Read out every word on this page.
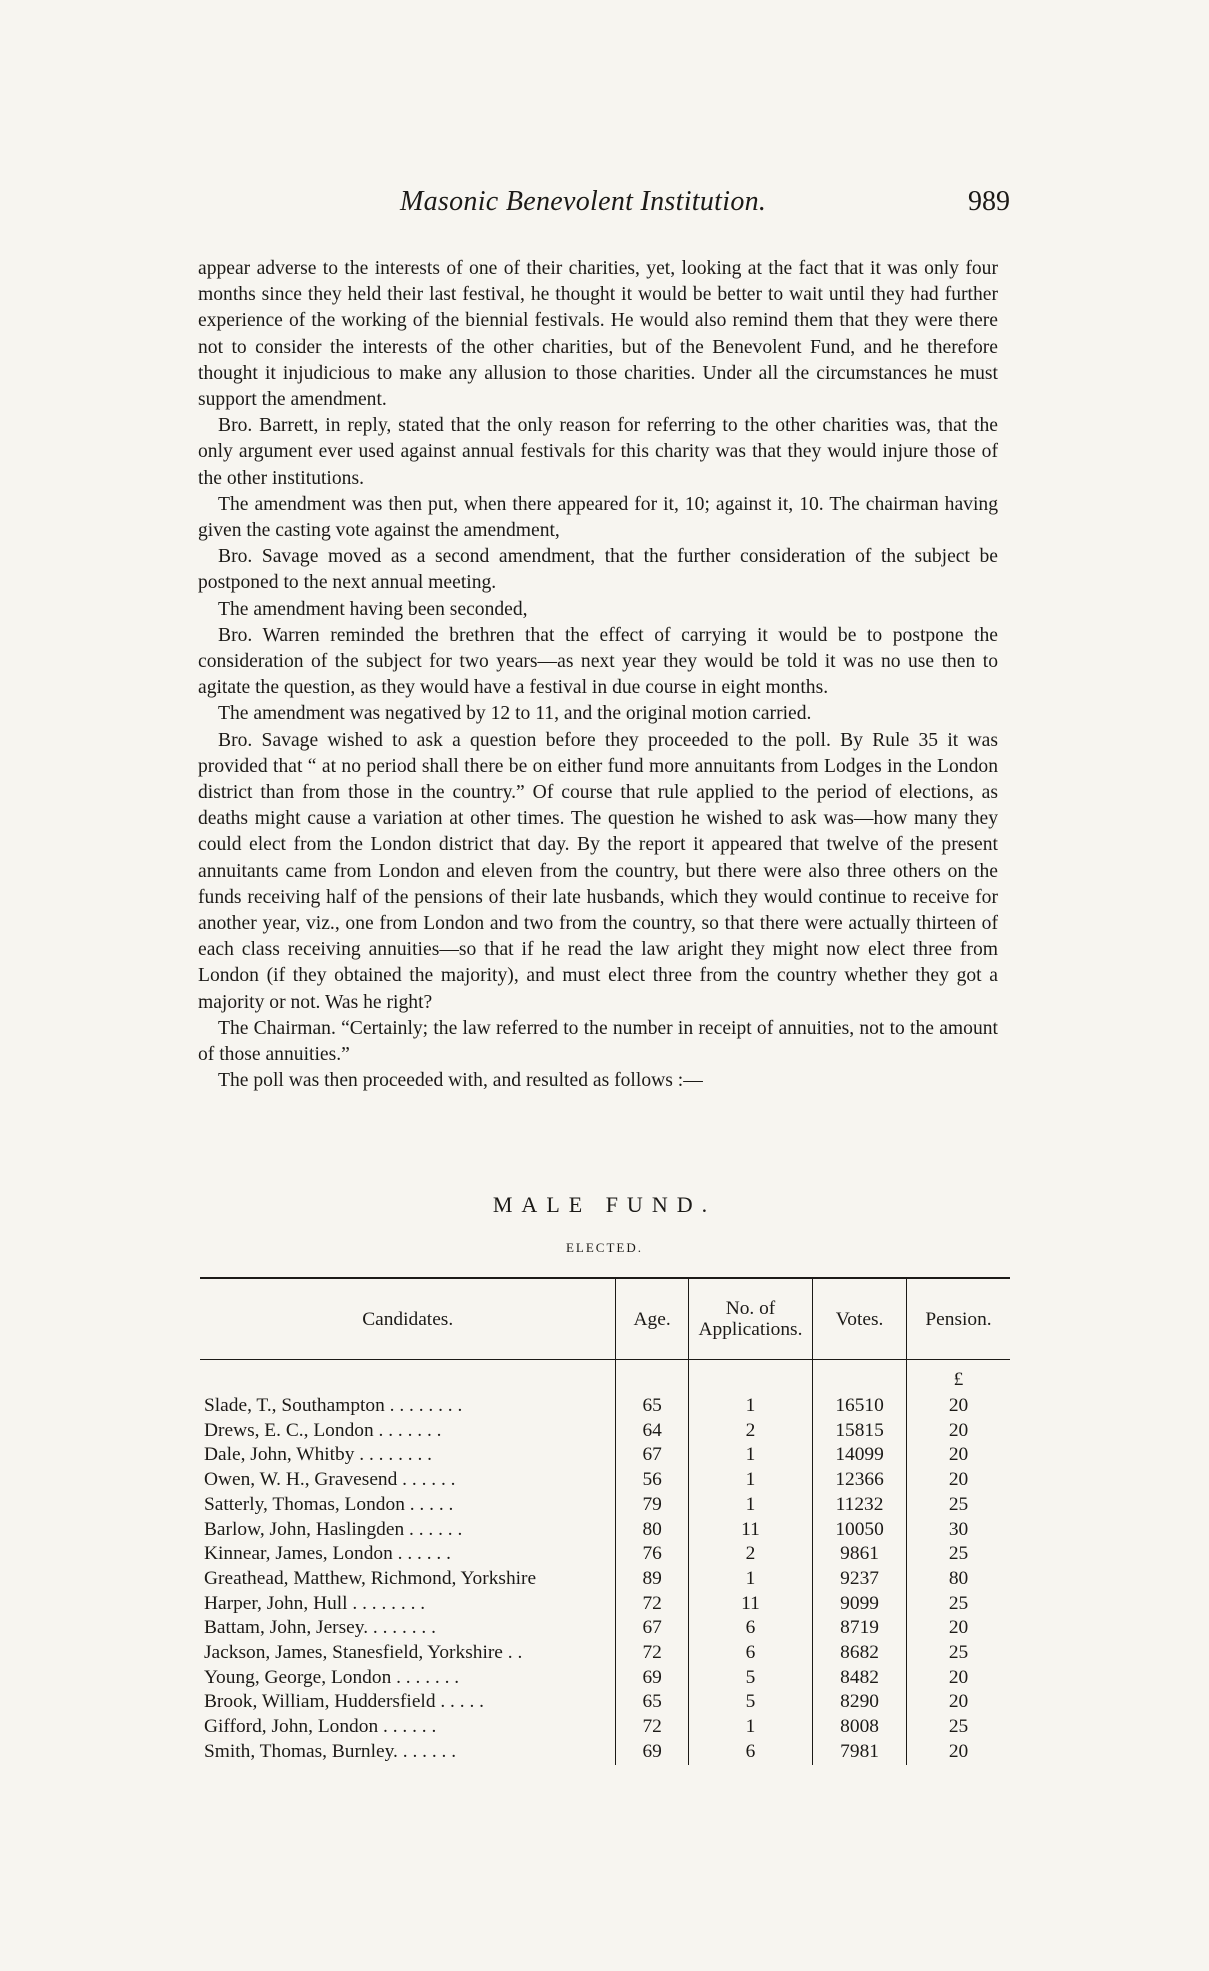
Masonic Benevolent Institution.	989

appear adverse to the interests of one of their charities, yet, looking at the fact that it was only four months since they held their last festival, he thought it would be better to wait until they had further experience of the working of the biennial festivals. He would also remind them that they were there not to consider the interests of the other charities, but of the Benevolent Fund, and he therefore thought it injudicious to make any allusion to those charities. Under all the circumstances he must support the amendment.

Bro. Barrett, in reply, stated that the only reason for referring to the other charities was, that the only argument ever used against annual festivals for this charity was that they would injure those of the other institutions.

The amendment was then put, when there appeared for it, 10; against it, 10. The chairman having given the casting vote against the amendment,

Bro. Savage moved as a second amendment, that the further consideration of the subject be postponed to the next annual meeting.

The amendment having been seconded,

Bro. Warren reminded the brethren that the effect of carrying it would be to postpone the consideration of the subject for two years—as next year they would be told it was no use then to agitate the question, as they would have a festival in due course in eight months.

The amendment was negatived by 12 to 11, and the original motion carried.

Bro. Savage wished to ask a question before they proceeded to the poll. By Rule 35 it was provided that “ at no period shall there be on either fund more annuitants from Lodges in the London district than from those in the country.” Of course that rule applied to the period of elections, as deaths might cause a variation at other times. The question he wished to ask was—how many they could elect from the London district that day. By the report it appeared that twelve of the present annuitants came from London and eleven from the country, but there were also three others on the funds receiving half of the pensions of their late husbands, which they would continue to receive for another year, viz., one from London and two from the country, so that there were actually thirteen of each class receiving annuities—so that if he read the law aright they might now elect three from London (if they obtained the majority), and must elect three from the country whether they got a majority or not. Was he right?

The Chairman. “Certainly; the law referred to the number in receipt of annuities, not to the amount of those annuities.”

The poll was then proceeded with, and resulted as follows :—

MALE FUND.
ELECTED.
Candidates.	Age.	No. of Applications.	Votes.	Pension.
				£
Slade, T., Southampton . . . . . . . .	65	1	16510	20
Drews, E. C., London . . . . . . .	64	2	15815	20
Dale, John, Whitby . . . . . . . .	67	1	14099	20
Owen, W. H., Gravesend . . . . . .	56	1	12366	20
Satterly, Thomas, London . . . . .	79	1	11232	25
Barlow, John, Haslingden . . . . . .	80	11	10050	30
Kinnear, James, London . . . . . .	76	2	9861	25
Greathead, Matthew, Richmond, Yorkshire	89	1	9237	80
Harper, John, Hull . . . . . . . .	72	11	9099	25
Battam, John, Jersey. . . . . . . .	67	6	8719	20
Jackson, James, Stanesfield, Yorkshire . .	72	6	8682	25
Young, George, London . . . . . . .	69	5	8482	20
Brook, William, Huddersfield . . . . .	65	5	8290	20
Gifford, John, London . . . . . .	72	1	8008	25
Smith, Thomas, Burnley. . . . . . .	69	6	7981	20
